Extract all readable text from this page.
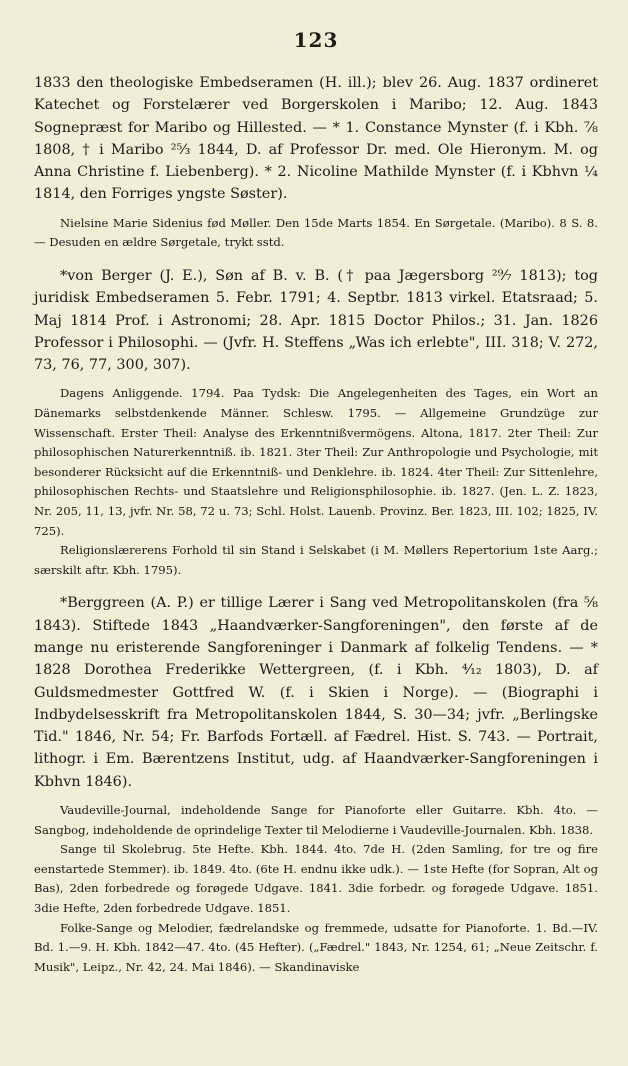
123

1833 den theologiske Embedseramen (H. ill.); blev 26. Aug. 1837 ordineret Katechet og Forstelærer ved Borgerskolen i Maribo; 12. Aug. 1843 Sognepræst for Maribo og Hillested. — * 1. Constance Mynster (f. i Kbh. ⅞ 1808, † i Maribo ²⁵⁄₃ 1844, D. af Professor Dr. med. Ole Hieronym. M. og Anna Christine f. Liebenberg). * 2. Nicoline Mathilde Mynster (f. i Kbhvn ¼ 1814, den Forriges yngste Søster).

Nielsine Marie Sidenius fød Møller. Den 15de Marts 1854. En Sørgetale. (Maribo). 8 S. 8. — Desuden en ældre Sørgetale, trykt sstd.

*von Berger (J. E.), Søn af B. v. B. († paa Jægersborg ²⁹⁄₇ 1813); tog juridisk Embedseramen 5. Febr. 1791; 4. Septbr. 1813 virkel. Etatsraad; 5. Maj 1814 Prof. i Astronomi; 28. Apr. 1815 Doctor Philos.; 31. Jan. 1826 Professor i Philosophi. — (Jvfr. H. Steffens „Was ich erlebte", III. 318; V. 272, 73, 76, 77, 300, 307).

Dagens Anliggende. 1794. Paa Tydsk: Die Angelegenheiten des Tages, ein Wort an Dänemarks selbstdenkende Männer. Schlesw. 1795. — Allgemeine Grundzüge zur Wissenschaft. Erster Theil: Analyse des Erkenntnißvermögens. Altona, 1817. 2ter Theil: Zur philosophischen Naturerkenntniß. ib. 1821. 3ter Theil: Zur Anthropologie und Psychologie, mit besonderer Rücksicht auf die Erkenntniß- und Denklehre. ib. 1824. 4ter Theil: Zur Sittenlehre, philosophischen Rechts- und Staatslehre und Religionsphilosophie. ib. 1827. (Jen. L. Z. 1823, Nr. 205, 11, 13, jvfr. Nr. 58, 72 u. 73; Schl. Holst. Lauenb. Provinz. Ber. 1823, III. 102; 1825, IV. 725).

Religionslærerens Forhold til sin Stand i Selskabet (i M. Møllers Repertorium 1ste Aarg.; særskilt aftr. Kbh. 1795).

*Berggreen (A. P.) er tillige Lærer i Sang ved Metropolitanskolen (fra ⅝ 1843). Stiftede 1843 „Haandværker-Sangforeningen", den første af de mange nu eristerende Sangforeninger i Danmark af folkelig Tendens. — * 1828 Dorothea Frederikke Wettergreen, (f. i Kbh. ⁴⁄₁₂ 1803), D. af Guldsmedmester Gottfred W. (f. i Skien i Norge). — (Biographi i Indbydelsesskrift fra Metropolitanskolen 1844, S. 30—34; jvfr. „Berlingske Tid." 1846, Nr. 54; Fr. Barfods Fortæll. af Fædrel. Hist. S. 743. — Portrait, lithogr. i Em. Bærentzens Institut, udg. af Haandværker-Sangforeningen i Kbhvn 1846).

Vaudeville-Journal, indeholdende Sange for Pianoforte eller Guitarre. Kbh. 4to. — Sangbog, indeholdende de oprindelige Texter til Melodierne i Vaudeville-Journalen. Kbh. 1838.

Sange til Skolebrug. 5te Hefte. Kbh. 1844. 4to. 7de H. (2den Samling, for tre og fire eenstartede Stemmer). ib. 1849. 4to. (6te H. endnu ikke udk.). — 1ste Hefte (for Sopran, Alt og Bas), 2den forbedrede og forøgede Udgave. 1841. 3die forbedr. og forøgede Udgave. 1851. 3die Hefte, 2den forbedrede Udgave. 1851.

Folke-Sange og Melodier, fædrelandske og fremmede, udsatte for Pianoforte. 1. Bd.—IV. Bd. 1.—9. H. Kbh. 1842—47. 4to. (45 Hefter). („Fædrel." 1843, Nr. 1254, 61; „Neue Zeitschr. f. Musik", Leipz., Nr. 42, 24. Mai 1846). — Skandinaviske
